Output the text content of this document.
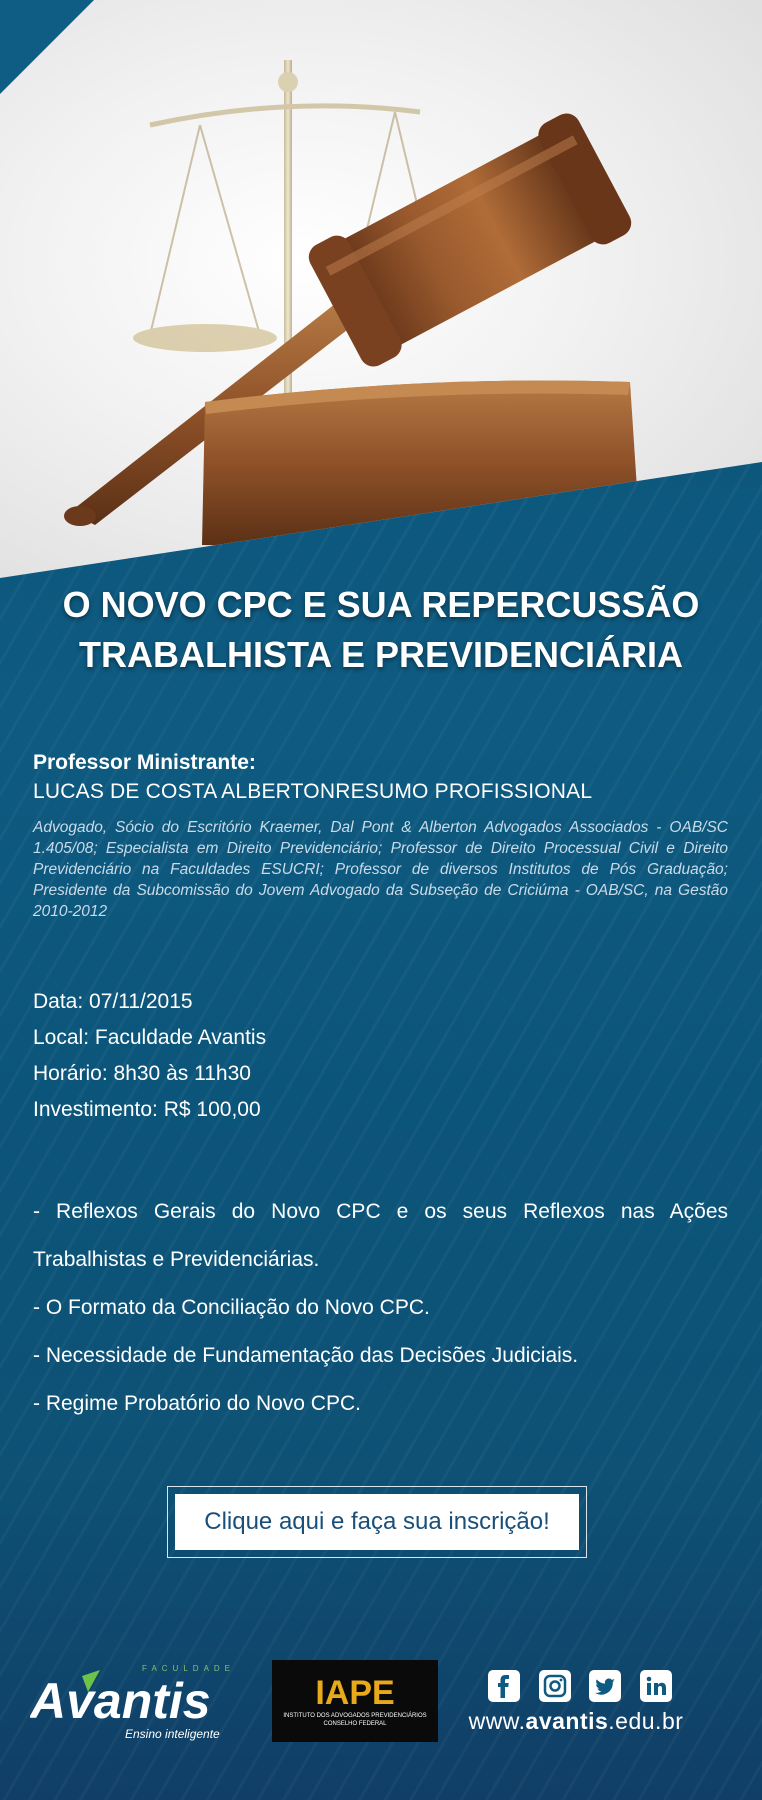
O NOVO CPC E SUA REPERCUSSÃO
TRABALHISTA E PREVIDENCIÁRIA
Professor Ministrante:
LUCAS DE COSTA ALBERTONRESUMO PROFISSIONAL
Advogado, Sócio do Escritório Kraemer, Dal Pont & Alberton Advogados Associados - OAB/SC 1.405/08; Especialista em Direito Previdenciário; Professor de Direito Processual Civil e Direito Previdenciário na Faculdades ESUCRI; Professor de diversos Institutos de Pós Graduação; Presidente da Subcomissão do Jovem Advogado da Subseção de Criciúma - OAB/SC, na Gestão 2010-2012
Data: 07/11/2015
Local: Faculdade Avantis
Horário: 8h30 às 11h30
Investimento: R$ 100,00
- Reflexos Gerais do Novo CPC e os seus Reflexos nas Ações Trabalhistas e Previdenciárias.
- O Formato da Conciliação do Novo CPC.
- Necessidade de Fundamentação das Decisões Judiciais.
- Regime Probatório do Novo CPC.
Clique aqui e faça sua inscrição!
FACULDADE
Avantis
Ensino inteligente
IAPE
INSTITUTO DOS ADVOGADOS PREVIDENCIÁRIOS
CONSELHO FEDERAL	www.avantis.edu.br
